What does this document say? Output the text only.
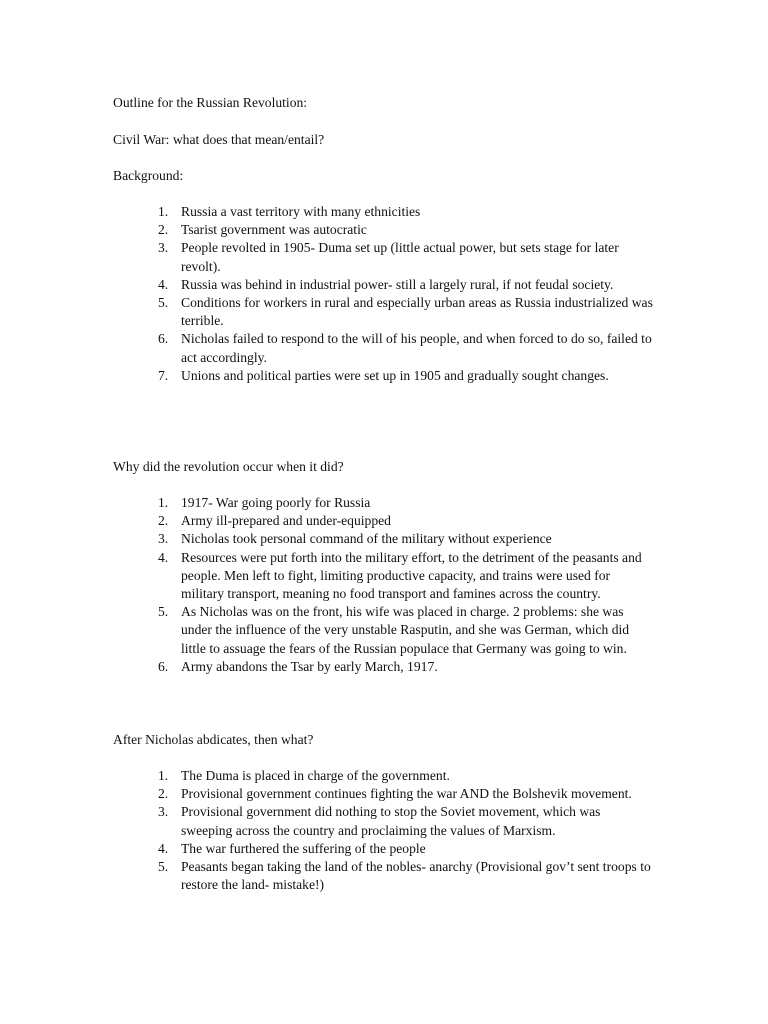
Outline for the Russian Revolution:

Civil War: what does that mean/entail?

Background:

1. Russia a vast territory with many ethnicities
2. Tsarist government was autocratic
3. People revolted in 1905- Duma set up (little actual power, but sets stage for later revolt).
4. Russia was behind in industrial power- still a largely rural, if not feudal society.
5. Conditions for workers in rural and especially urban areas as Russia industrialized was terrible.
6. Nicholas failed to respond to the will of his people, and when forced to do so, failed to act accordingly.
7. Unions and political parties were set up in 1905 and gradually sought changes.

Why did the revolution occur when it did?

1. 1917- War going poorly for Russia
2. Army ill-prepared and under-equipped
3. Nicholas took personal command of the military without experience
4. Resources were put forth into the military effort, to the detriment of the peasants and people. Men left to fight, limiting productive capacity, and trains were used for military transport, meaning no food transport and famines across the country.
5. As Nicholas was on the front, his wife was placed in charge. 2 problems: she was under the influence of the very unstable Rasputin, and she was German, which did little to assuage the fears of the Russian populace that Germany was going to win.
6. Army abandons the Tsar by early March, 1917.

After Nicholas abdicates, then what?

1. The Duma is placed in charge of the government.
2. Provisional government continues fighting the war AND the Bolshevik movement.
3. Provisional government did nothing to stop the Soviet movement, which was sweeping across the country and proclaiming the values of Marxism.
4. The war furthered the suffering of the people
5. Peasants began taking the land of the nobles- anarchy (Provisional gov’t sent troops to restore the land- mistake!)
